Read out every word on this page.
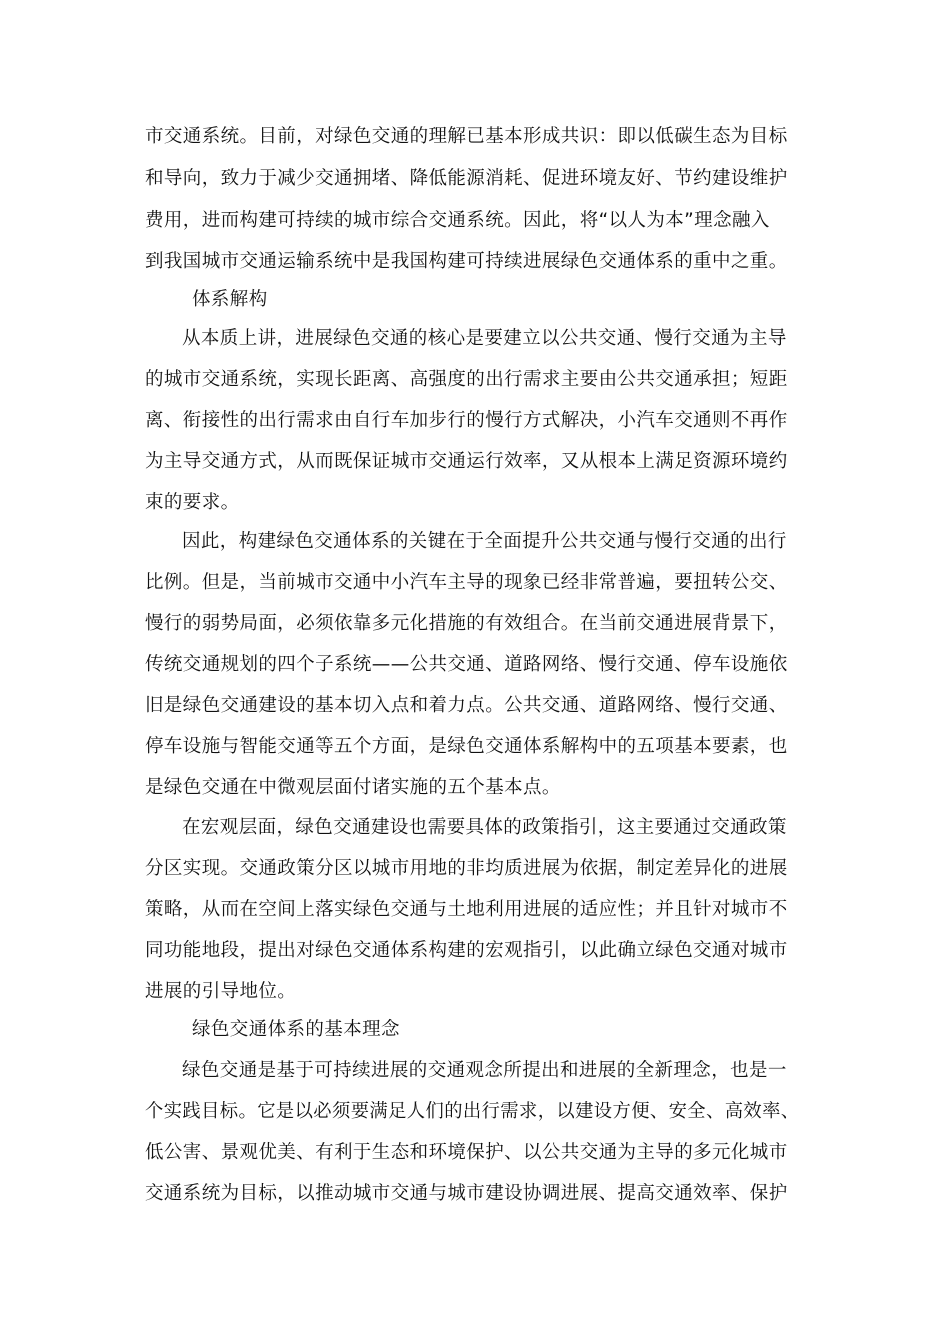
市交通系统。目前，对绿色交通的理解已基本形成共识：即以低碳生态为目标
和导向，致力于减少交通拥堵、降低能源消耗、促进环境友好、节约建设维护
费用，进而构建可持续的城市综合交通系统。因此，将“以人为本”理念融入
到我国城市交通运输系统中是我国构建可持续进展绿色交通体系的重中之重。
体系解构
从本质上讲，进展绿色交通的核心是要建立以公共交通、慢行交通为主导
的城市交通系统，实现长距离、高强度的出行需求主要由公共交通承担；短距
离、衔接性的出行需求由自行车加步行的慢行方式解决，小汽车交通则不再作
为主导交通方式，从而既保证城市交通运行效率，又从根本上满足资源环境约
束的要求。
因此，构建绿色交通体系的关键在于全面提升公共交通与慢行交通的出行
比例。但是，当前城市交通中小汽车主导的现象已经非常普遍，要扭转公交、
慢行的弱势局面，必须依靠多元化措施的有效组合。在当前交通进展背景下，
传统交通规划的四个子系统——公共交通、道路网络、慢行交通、停车设施依
旧是绿色交通建设的基本切入点和着力点。公共交通、道路网络、慢行交通、
停车设施与智能交通等五个方面，是绿色交通体系解构中的五项基本要素，也
是绿色交通在中微观层面付诸实施的五个基本点。
在宏观层面，绿色交通建设也需要具体的政策指引，这主要通过交通政策
分区实现。交通政策分区以城市用地的非均质进展为依据，制定差异化的进展
策略，从而在空间上落实绿色交通与土地利用进展的适应性；并且针对城市不
同功能地段，提出对绿色交通体系构建的宏观指引，以此确立绿色交通对城市
进展的引导地位。
绿色交通体系的基本理念
绿色交通是基于可持续进展的交通观念所提出和进展的全新理念，也是一
个实践目标。它是以必须要满足人们的出行需求，以建设方便、安全、高效率、
低公害、景观优美、有利于生态和环境保护、以公共交通为主导的多元化城市
交通系统为目标，以推动城市交通与城市建设协调进展、提高交通效率、保护
